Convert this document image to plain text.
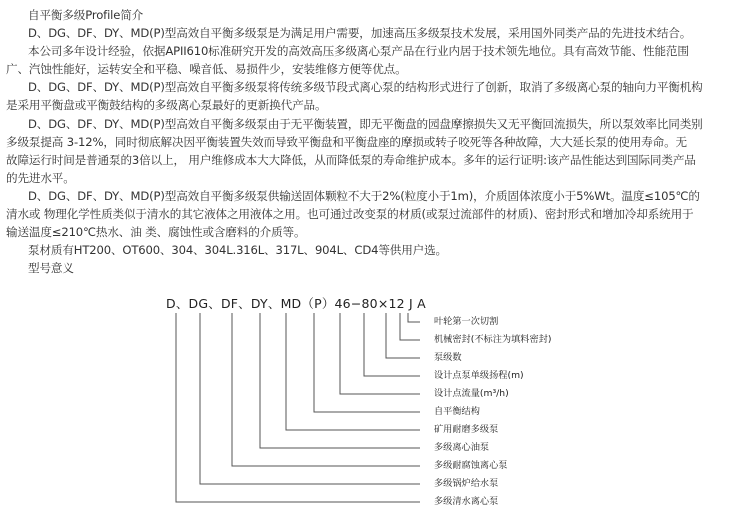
自平衡多级Profile简介
D、DG、DF、DY、MD(P)型高效自平衡多级泵是为满足用户需要，加速高压多级泵技术发展，采用国外同类产品的先进技术结合。
本公司多年设计经验，依据APII610标准研究开发的高效高压多级离心泵产品在行业内居于技术领先地位。具有高效节能、性能范围
广、汽蚀性能好，运转安全和平稳、噪音低、易损件少，安装维修方便等优点。
D、DG、DF、DY、MD(P)型高效自平衡多级泵将传统多级节段式离心泵的结构形式进行了创新，取消了多级离心泵的轴向力平衡机构
是采用平衡盘或平衡鼓结构的多级离心泵最好的更新换代产品。
D、DG、DF、DY、MD(P)型高效自平衡多级泵由于无平衡装置，即无平衡盘的园盘摩擦损失又无平衡回流损失，所以泵效率比同类别
多级泵提高 3-12%，同时彻底解决因平衡装置失效而导致平衡盘和平衡盘座的摩损或转子咬死等各种故障，大大延长泵的使用寿命。无
故障运行时间是普通泵的3倍以上， 用户维修成本大大降低，从而降低泵的寿命维护成本。多年的运行证明:该产品性能达到国际同类产品
的先进水平。
D、DG、DF、DY、MD(P)型高效自平衡多级泵供输送固体颗粒不大于2%(粒度小于1m)，介质固体浓度小于5%Wt。温度≤105℃的
清水或 物理化学性质类似于清水的其它液体之用液体之用。也可通过改变泵的材质(或泵过流部件的材质)、密封形式和增加冷却系统用于
输送温度≤210℃热水、油 类、腐蚀性或含磨料的介质等。
泵材质有HT200、OT600、304、304L.316L、317L、904L、CD4等供用户选。
型号意义
D、DG、DF、DY、MD（P）46−80×12 J A
叶轮第一次切割
机械密封(不标注为填料密封)
泵级数
设计点泵单级扬程(m)
设计点流量(m³/h)
自平衡结构
矿用耐磨多级泵
多级离心油泵
多级耐腐蚀离心泵
多级锅炉给水泵
多级清水离心泵
